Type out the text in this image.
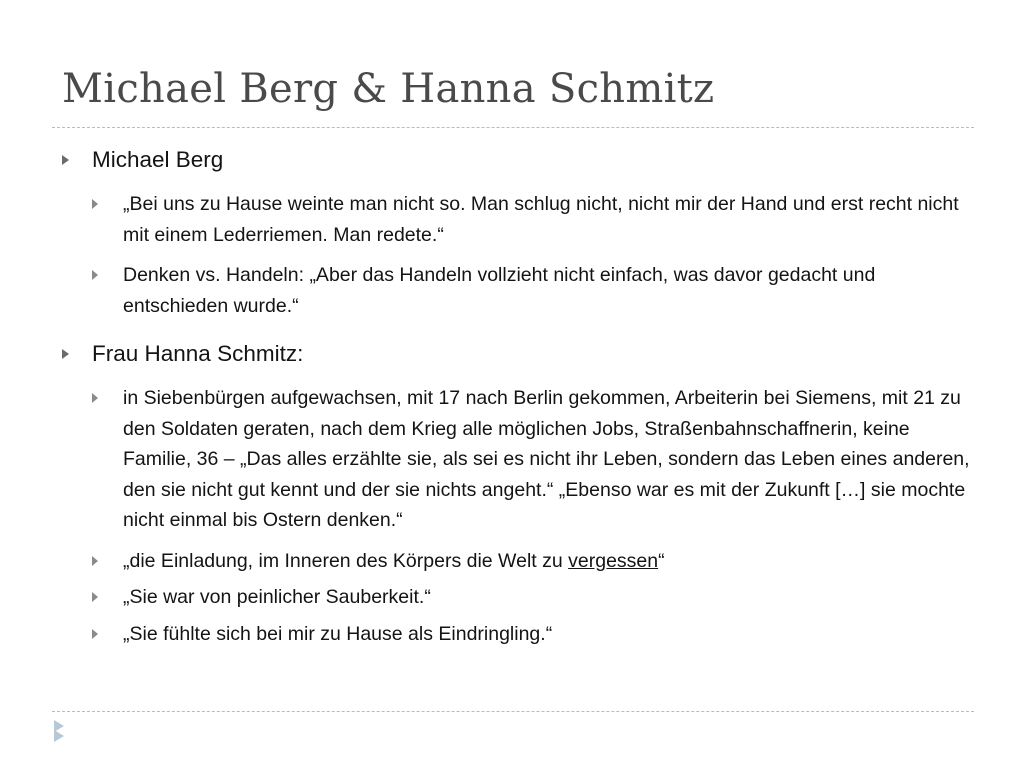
Michael Berg & Hanna Schmitz
Michael Berg
„Bei uns zu Hause weinte man nicht so. Man schlug nicht, nicht mir der Hand und erst recht nicht mit einem Lederriemen. Man redete.“
Denken vs. Handeln: „Aber das Handeln vollzieht nicht einfach, was davor gedacht und entschieden wurde.“
Frau Hanna Schmitz:
in Siebenbürgen aufgewachsen, mit 17 nach Berlin gekommen, Arbeiterin bei Siemens, mit 21 zu den Soldaten geraten, nach dem Krieg alle möglichen Jobs, Straßenbahnschaffnerin, keine Familie, 36 – „Das alles erzählte sie, als sei es nicht ihr Leben, sondern das Leben eines anderen, den sie nicht gut kennt und der sie nichts angeht.“ „Ebenso war es mit der Zukunft […] sie mochte nicht einmal bis Ostern denken.“
„die Einladung, im Inneren des Körpers die Welt zu vergessen“
„Sie war von peinlicher Sauberkeit.“
„Sie fühlte sich bei mir zu Hause als Eindringling.“
